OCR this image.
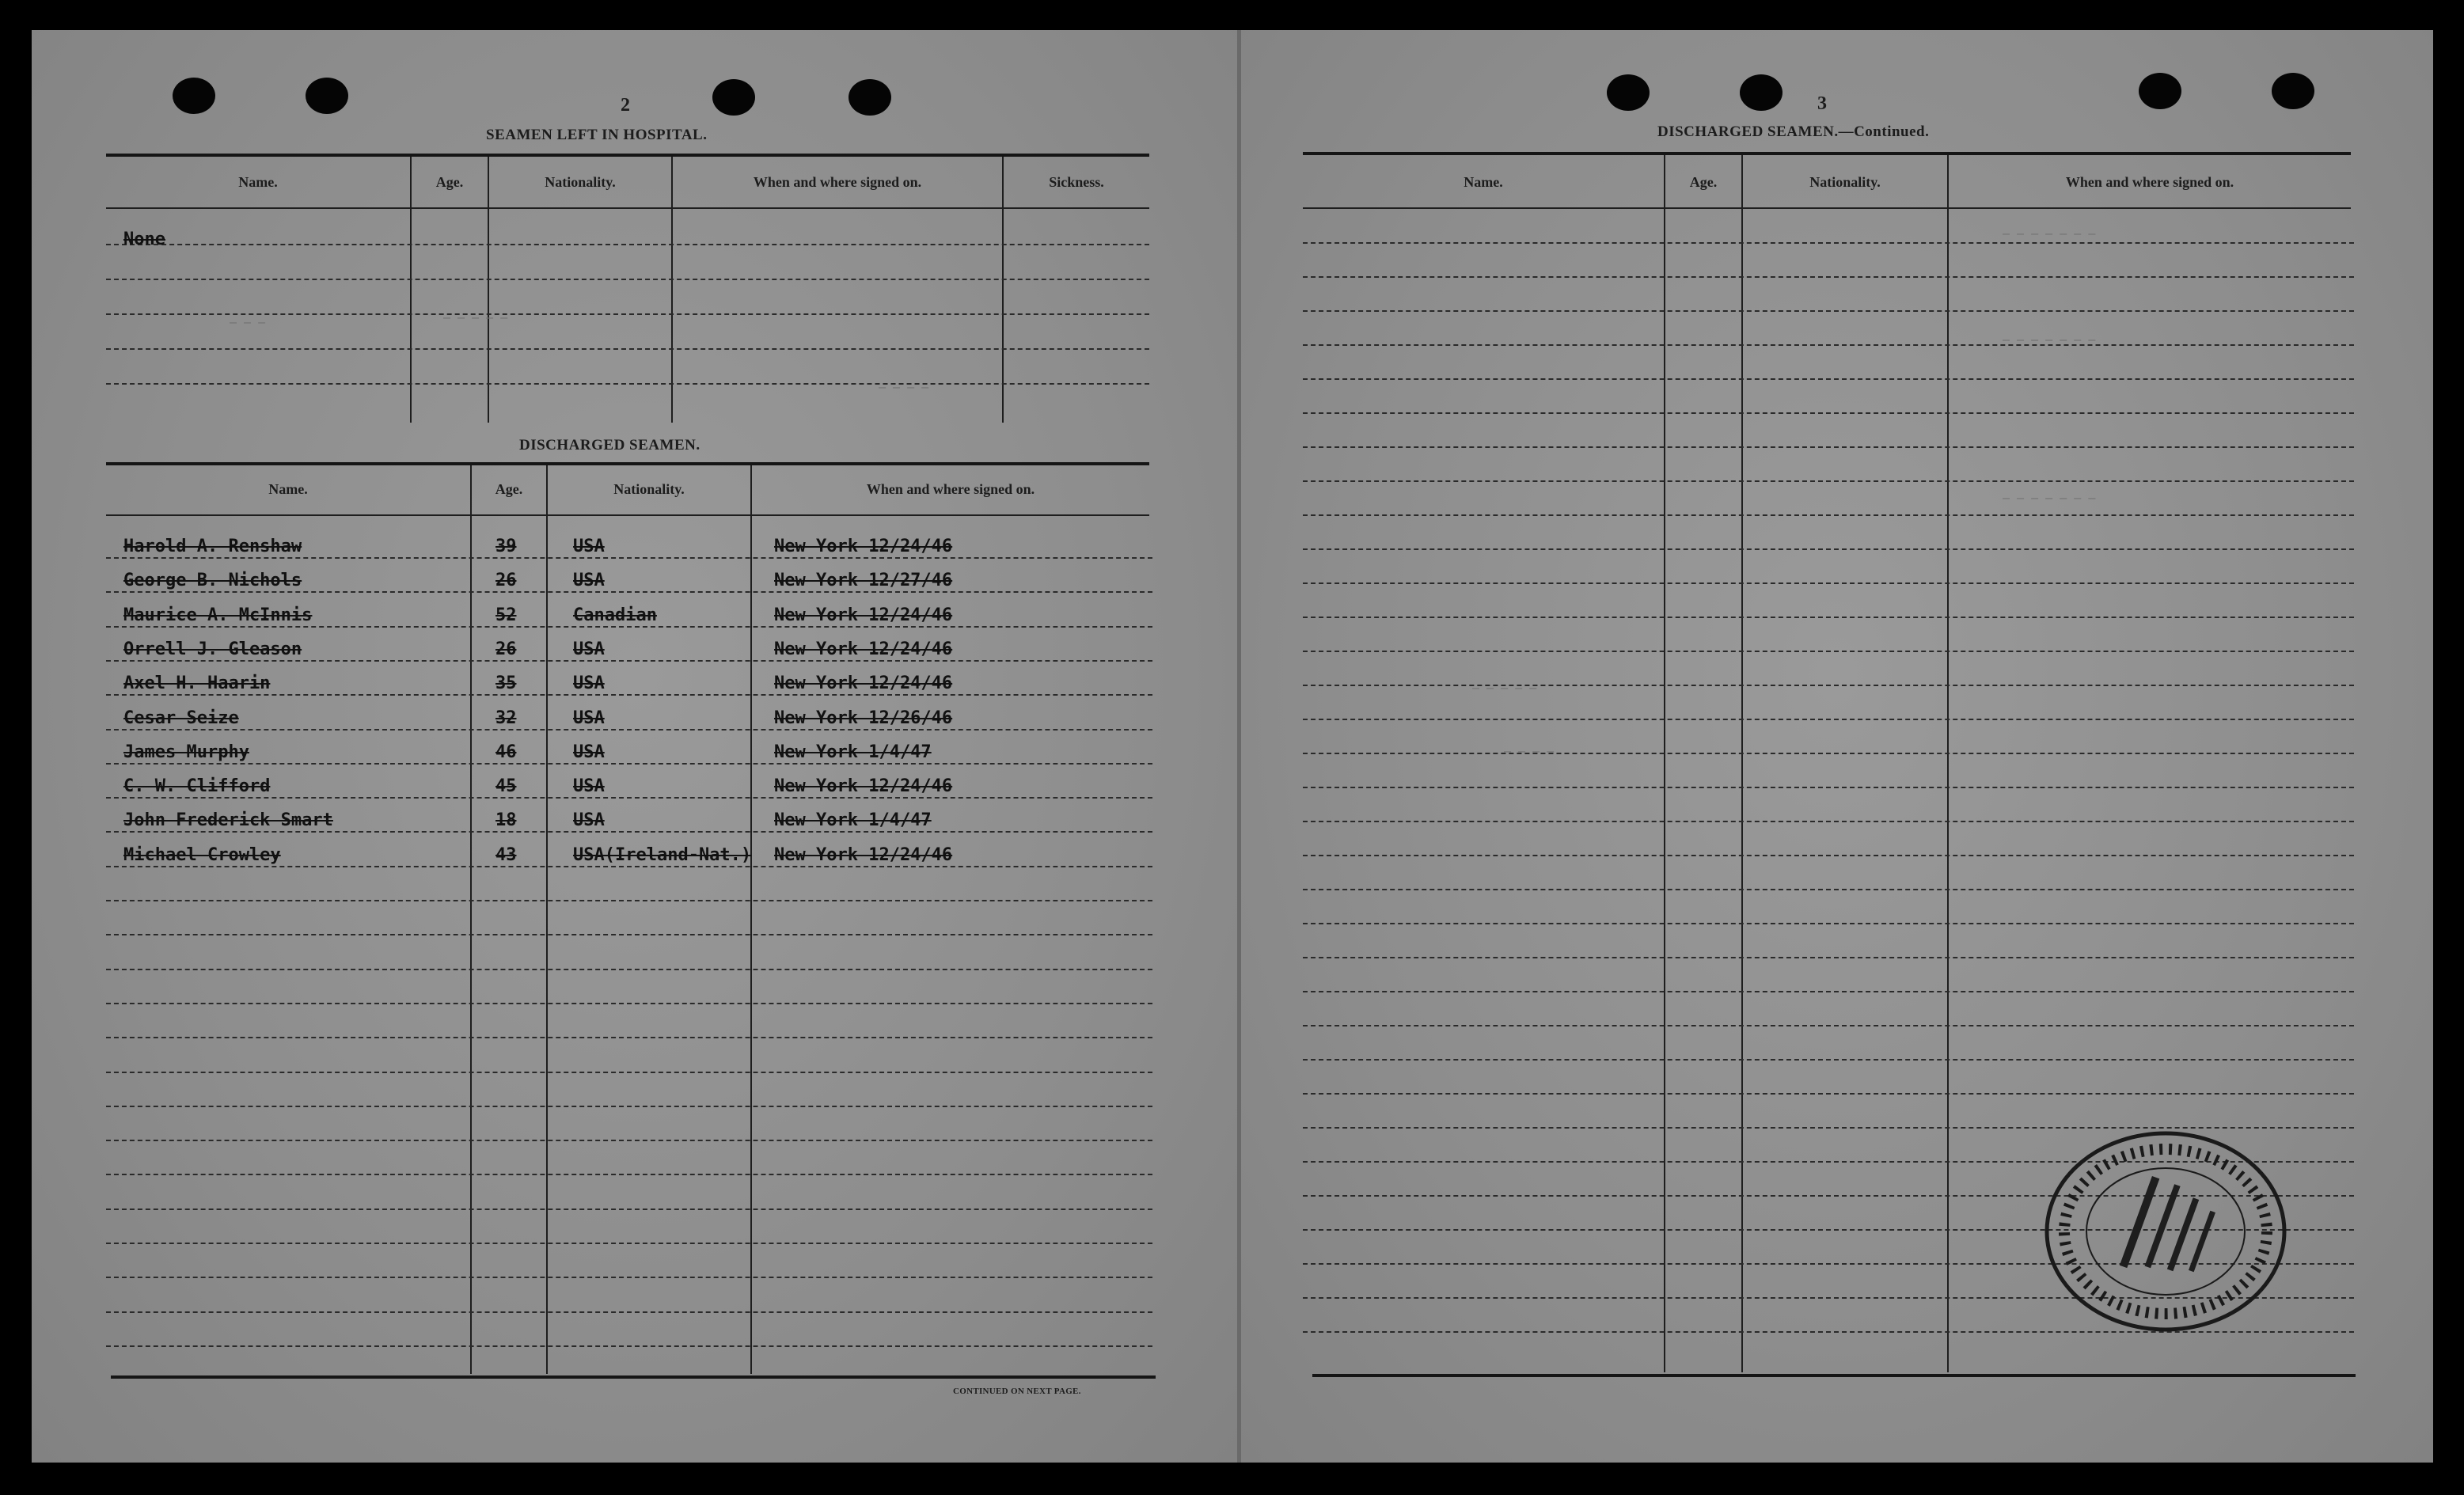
2
SEAMEN LEFT IN HOSPITAL.
Name.	Age.	Nationality.	When and where signed on.	Sickness.
None
— — —	— — — — —
— — — —
DISCHARGED SEAMEN.
Name.	Age.	Nationality.	When and where signed on.
Harold A. Renshaw	39	USA	New York 12/24/46
George B. Nichols	26	USA	New York 12/27/46
Maurice A. McInnis	52	Canadian	New York 12/24/46
Orrell J. Gleason	26	USA	New York 12/24/46
Axel H. Haarin	35	USA	New York 12/24/46
Cesar Seize	32	USA	New York 12/26/46
James Murphy	46	USA	New York 1/4/47
C. W. Clifford	45	USA	New York 12/24/46
John Frederick Smart	18	USA	New York 1/4/47
Michael Crowley	43	USA(Ireland-Nat.) New York 12/24/46
CONTINUED ON NEXT PAGE.
3
DISCHARGED SEAMEN.—Continued.
Name.	Age.	Nationality.	When and where signed on.
— — — — — — —
— — — — — — —
— — — — — — —
— — — — —
— — — —
